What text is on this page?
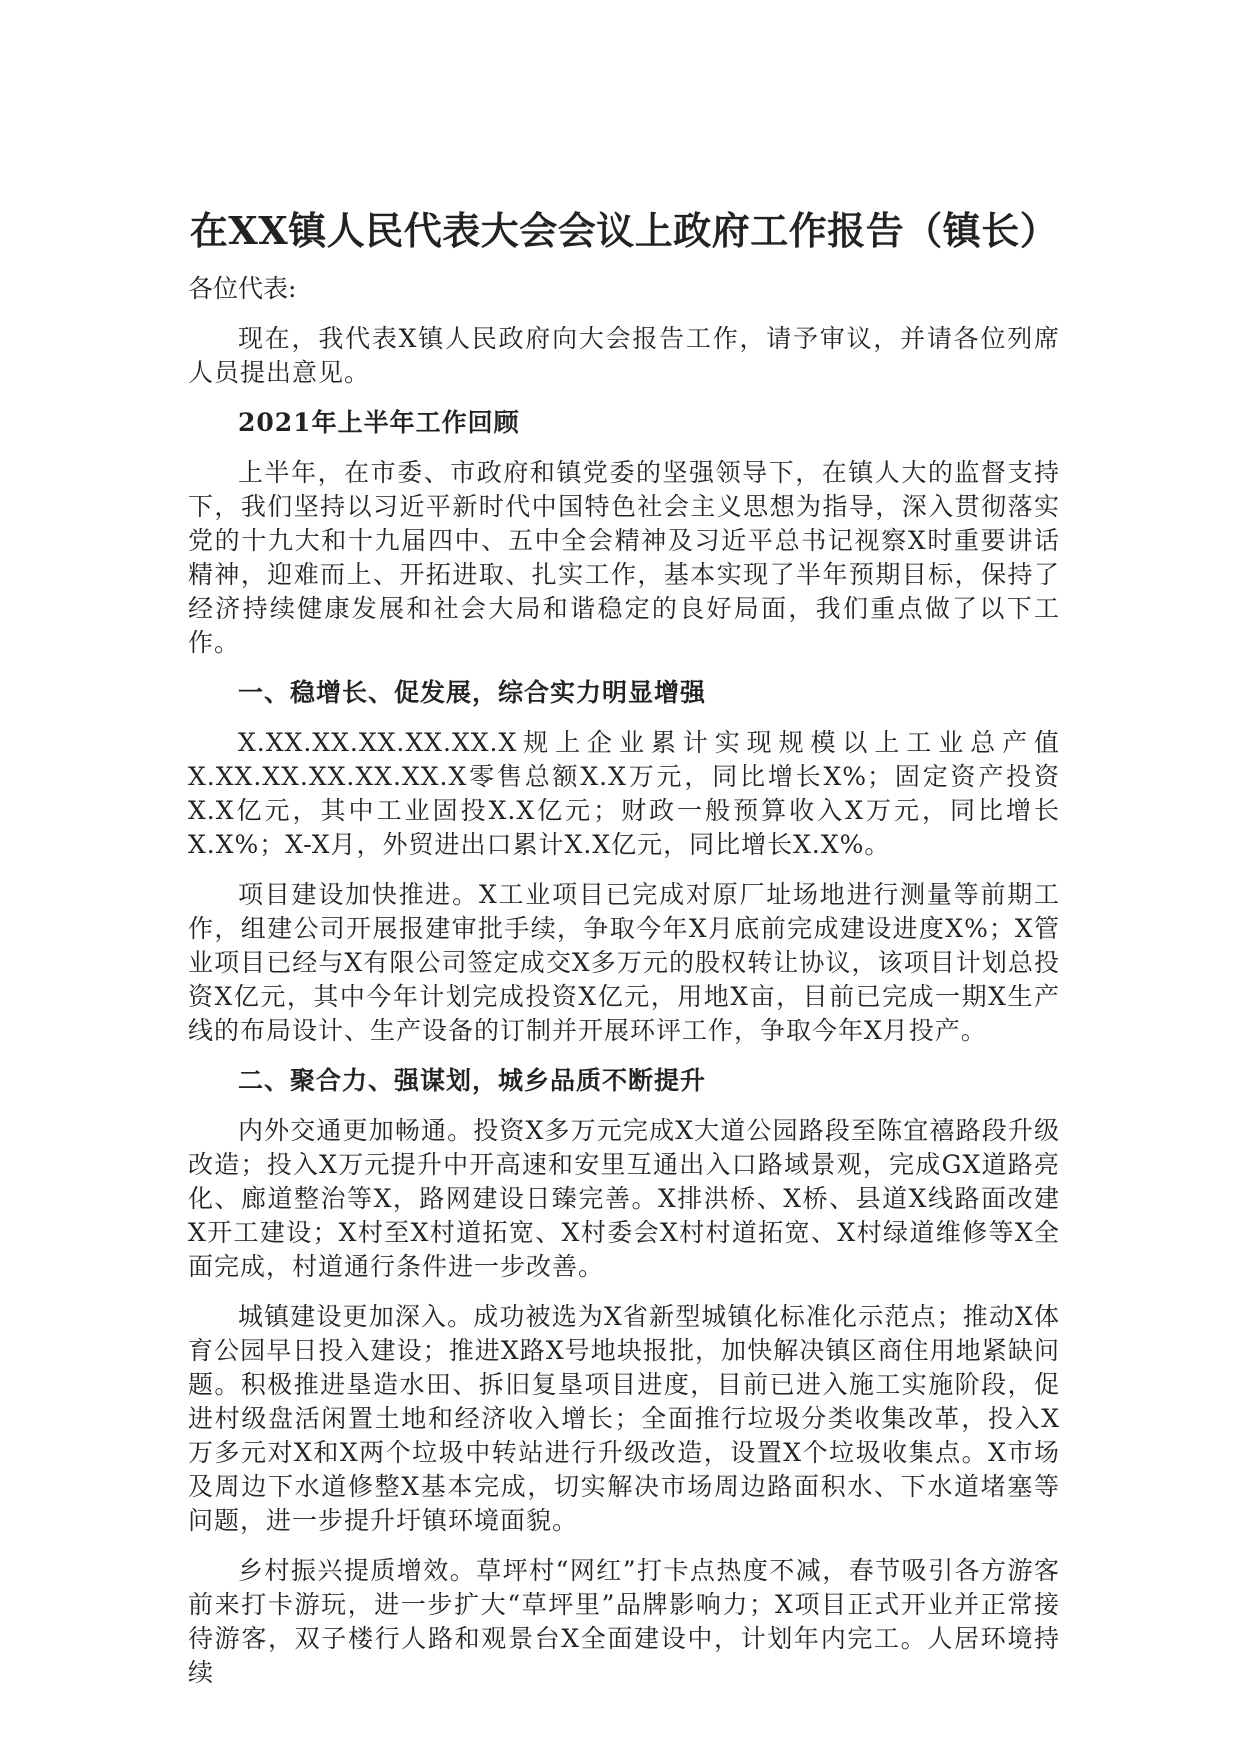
在XX镇人民代表大会会议上政府工作报告（镇长）

各位代表:

现在，我代表X镇人民政府向大会报告工作，请予审议，并请各位列席人员提出意见。

2021年上半年工作回顾

上半年，在市委、市政府和镇党委的坚强领导下，在镇人大的监督支持下，我们坚持以习近平新时代中国特色社会主义思想为指导，深入贯彻落实党的十九大和十九届四中、五中全会精神及习近平总书记视察X时重要讲话精神，迎难而上、开拓进取、扎实工作，基本实现了半年预期目标，保持了经济持续健康发展和社会大局和谐稳定的良好局面，我们重点做了以下工作。

一、稳增长、促发展，综合实力明显增强

X.XX.XX.XX.XX.XX.X规上企业累计实现规模以上工业总产值X.XX.XX.XX.XX.XX.X零售总额X.X万元，同比增长X%；固定资产投资X.X亿元，其中工业固投X.X亿元；财政一般预算收入X万元，同比增长X.X%；X-X月，外贸进出口累计X.X亿元，同比增长X.X%。

项目建设加快推进。X工业项目已完成对原厂址场地进行测量等前期工作，组建公司开展报建审批手续，争取今年X月底前完成建设进度X%；X管业项目已经与X有限公司签定成交X多万元的股权转让协议，该项目计划总投资X亿元，其中今年计划完成投资X亿元，用地X亩，目前已完成一期X生产线的布局设计、生产设备的订制并开展环评工作，争取今年X月投产。

二、聚合力、强谋划，城乡品质不断提升

内外交通更加畅通。投资X多万元完成X大道公园路段至陈宜禧路段升级改造；投入X万元提升中开高速和安里互通出入口路域景观，完成GX道路亮化、廊道整治等X，路网建设日臻完善。X排洪桥、X桥、县道X线路面改建X开工建设；X村至X村道拓宽、X村委会X村村道拓宽、X村绿道维修等X全面完成，村道通行条件进一步改善。

城镇建设更加深入。成功被选为X省新型城镇化标准化示范点；推动X体育公园早日投入建设；推进X路X号地块报批，加快解决镇区商住用地紧缺问题。积极推进垦造水田、拆旧复垦项目进度，目前已进入施工实施阶段，促进村级盘活闲置土地和经济收入增长；全面推行垃圾分类收集改革，投入X万多元对X和X两个垃圾中转站进行升级改造，设置X个垃圾收集点。X市场及周边下水道修整X基本完成，切实解决市场周边路面积水、下水道堵塞等问题，进一步提升圩镇环境面貌。

乡村振兴提质增效。草坪村“网红”打卡点热度不减，春节吸引各方游客前来打卡游玩，进一步扩大“草坪里”品牌影响力；X项目正式开业并正常接待游客，双子楼行人路和观景台X全面建设中，计划年内完工。人居环境持续
